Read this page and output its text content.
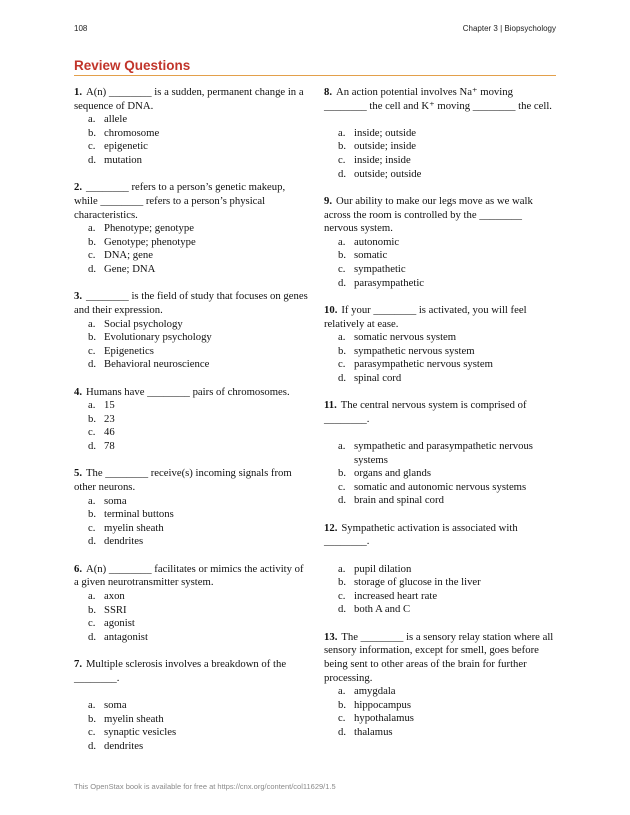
108	Chapter 3 | Biopsychology
Review Questions

1. A(n) ________ is a sudden, permanent change in a sequence of DNA.

a. allele
b. chromosome
c. epigenetic
d. mutation

2. ________ refers to a person’s genetic makeup, while ________ refers to a person’s physical characteristics.

a. Phenotype; genotype
b. Genotype; phenotype
c. DNA; gene
d. Gene; DNA

3. ________ is the field of study that focuses on genes and their expression.

a. Social psychology
b. Evolutionary psychology
c. Epigenetics
d. Behavioral neuroscience

4. Humans have ________ pairs of chromosomes.

a. 15
b. 23
c. 46
d. 78

5. The ________ receive(s) incoming signals from other neurons.

a. soma
b. terminal buttons
c. myelin sheath
d. dendrites

6. A(n) ________ facilitates or mimics the activity of a given neurotransmitter system.

a. axon
b. SSRI
c. agonist
d. antagonist

7. Multiple sclerosis involves a breakdown of the ________.

a. soma
b. myelin sheath
c. synaptic vesicles
d. dendrites

8. An action potential involves Na⁺ moving ________ the cell and K⁺ moving ________ the cell.

a. inside; outside
b. outside; inside
c. inside; inside
d. outside; outside

9. Our ability to make our legs move as we walk across the room is controlled by the ________ nervous system.

a. autonomic
b. somatic
c. sympathetic
d. parasympathetic

10. If your ________ is activated, you will feel relatively at ease.

a. somatic nervous system
b. sympathetic nervous system
c. parasympathetic nervous system
d. spinal cord

11. The central nervous system is comprised of ________.

a. sympathetic and parasympathetic nervous systems
b. organs and glands
c. somatic and autonomic nervous systems
d. brain and spinal cord

12. Sympathetic activation is associated with ________.

a. pupil dilation
b. storage of glucose in the liver
c. increased heart rate
d. both A and C

13. The ________ is a sensory relay station where all sensory information, except for smell, goes before being sent to other areas of the brain for further processing.

a. amygdala
b. hippocampus
c. hypothalamus
d. thalamus
This OpenStax book is available for free at https://cnx.org/content/col11629/1.5
